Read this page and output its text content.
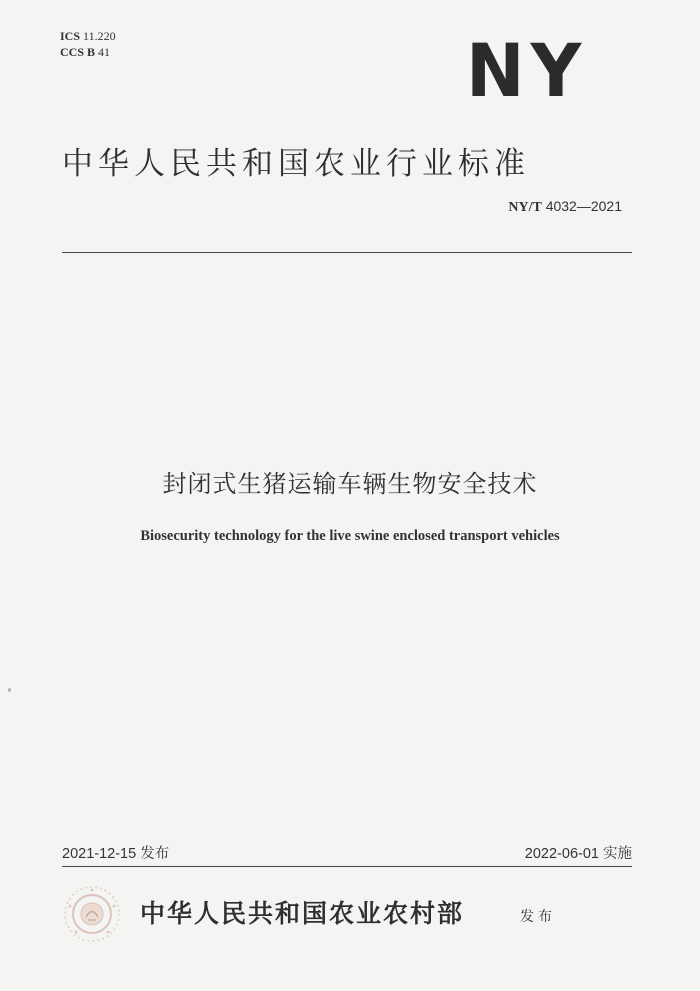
ICS 11.220
CCS B 41	NY
中华人民共和国农业行业标准
NY/T 4032—2021
封闭式生猪运输车辆生物安全技术
Biosecurity technology for the live swine enclosed transport vehicles
2021-12-15 发布	2022-06-01 实施
中华人民共和国农业农村部	发布
